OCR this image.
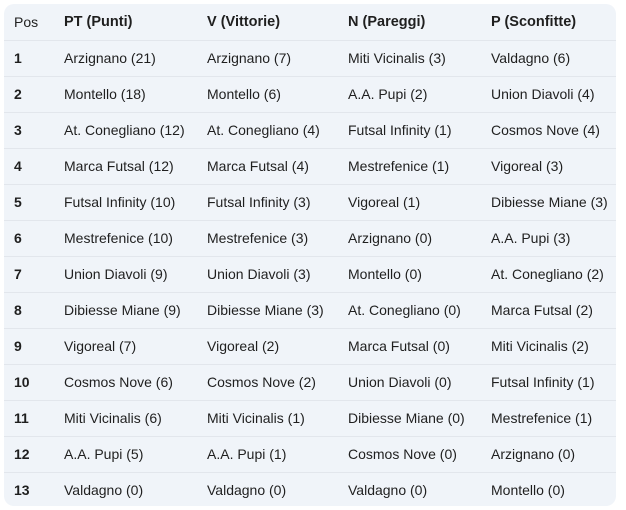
Pos	PT (Punti)	V (Vittorie)	N (Pareggi)	P (Sconfitte)
1	Arzignano (21)	Arzignano (7)	Miti Vicinalis (3)	Valdagno (6)
2	Montello (18)	Montello (6)	A.A. Pupi (2)	Union Diavoli (4)
3	At. Conegliano (12)	At. Conegliano (4)	Futsal Infinity (1)	Cosmos Nove (4)
4	Marca Futsal (12)	Marca Futsal (4)	Mestrefenice (1)	Vigoreal (3)
5	Futsal Infinity (10)	Futsal Infinity (3)	Vigoreal (1)	Dibiesse Miane (3)
6	Mestrefenice (10)	Mestrefenice (3)	Arzignano (0)	A.A. Pupi (3)
7	Union Diavoli (9)	Union Diavoli (3)	Montello (0)	At. Conegliano (2)
8	Dibiesse Miane (9)	Dibiesse Miane (3)	At. Conegliano (0)	Marca Futsal (2)
9	Vigoreal (7)	Vigoreal (2)	Marca Futsal (0)	Miti Vicinalis (2)
10	Cosmos Nove (6)	Cosmos Nove (2)	Union Diavoli (0)	Futsal Infinity (1)
11	Miti Vicinalis (6)	Miti Vicinalis (1)	Dibiesse Miane (0)	Mestrefenice (1)
12	A.A. Pupi (5)	A.A. Pupi (1)	Cosmos Nove (0)	Arzignano (0)
13	Valdagno (0)	Valdagno (0)	Valdagno (0)	Montello (0)
